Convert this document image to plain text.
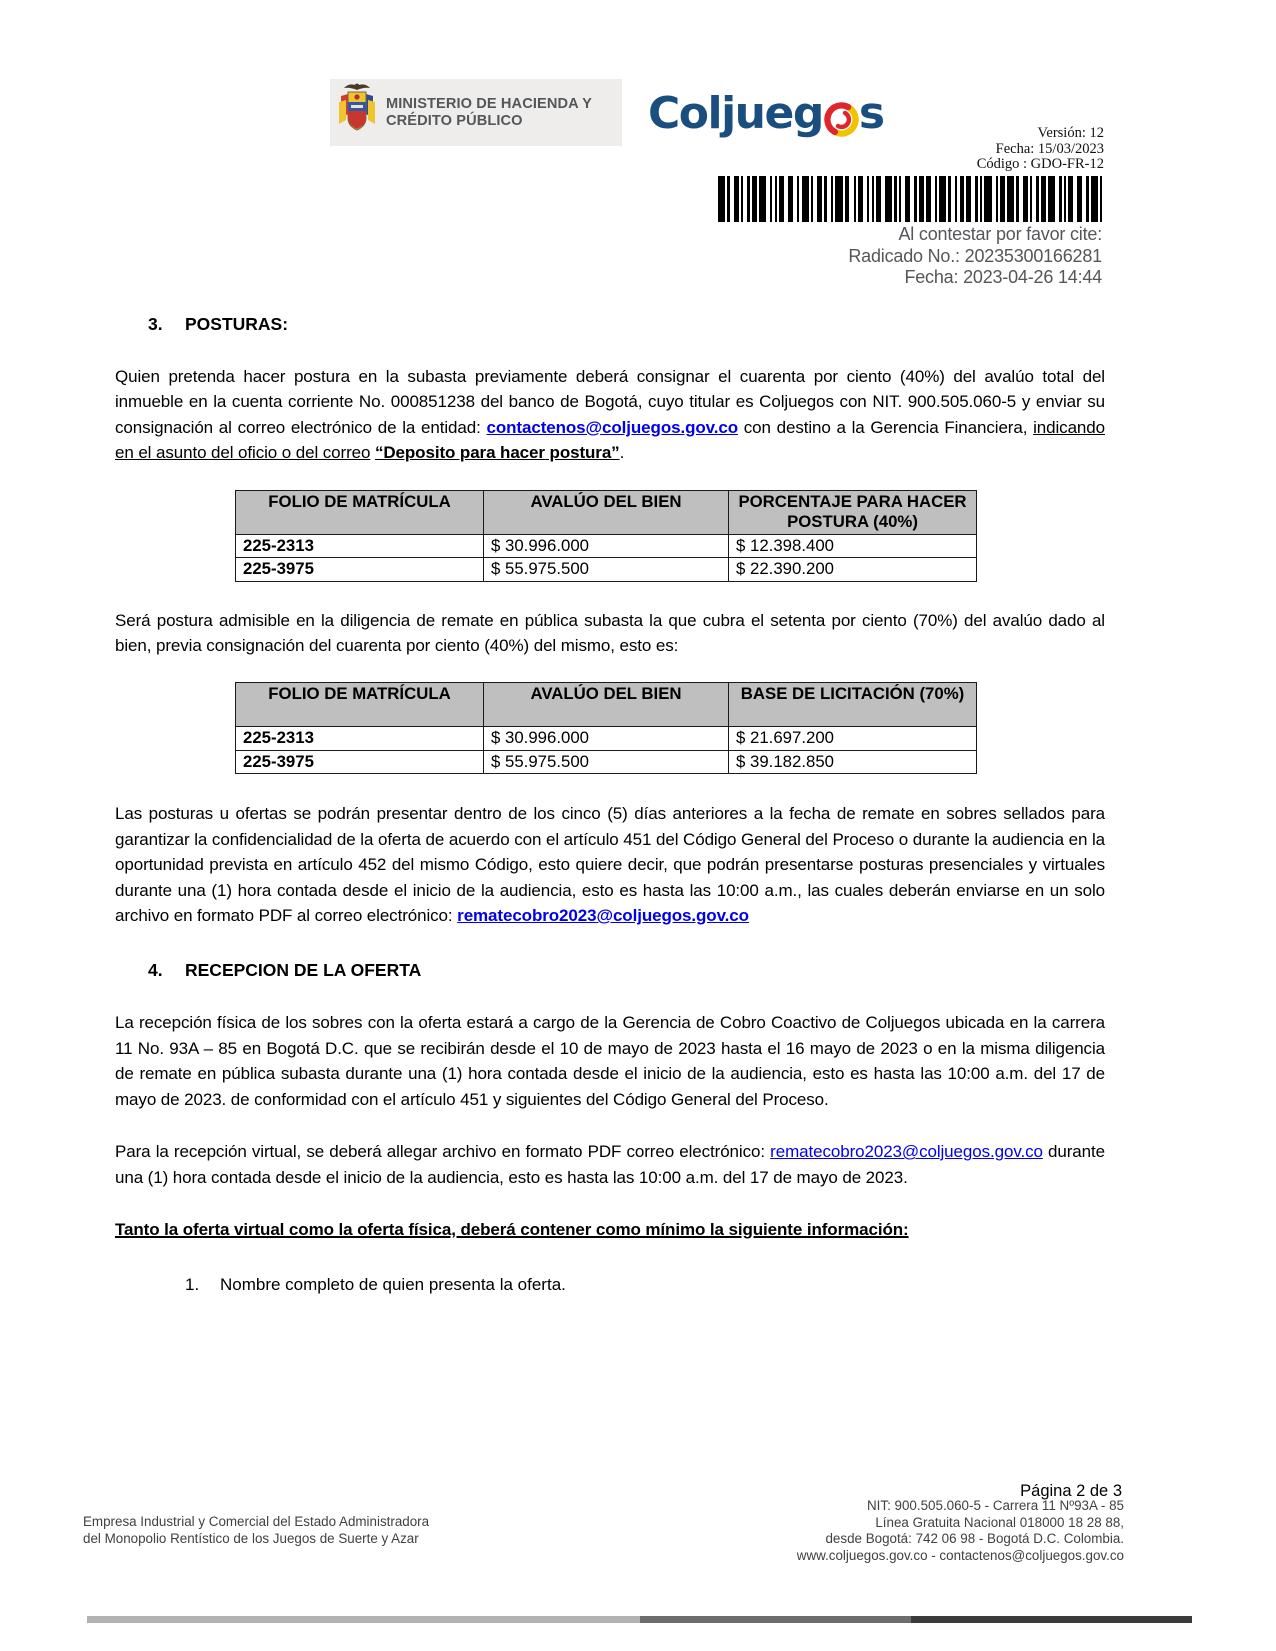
MINISTERIO DE HACIENDA Y
CRÉDITO PÚBLICO	Coljueg s	Versión: 12
Fecha: 15/03/2023
Código : GDO-FR-12
Al contestar por favor cite:
Radicado No.: 20235300166281
Fecha: 2023-04-26 14:44
3. POSTURAS:

Quien pretenda hacer postura en la subasta previamente deberá consignar el cuarenta por ciento (40%) del avalúo total del inmueble en la cuenta corriente No. 000851238 del banco de Bogotá, cuyo titular es Coljuegos con NIT. 900.505.060-5 y enviar su consignación al correo electrónico de la entidad: contactenos@coljuegos.gov.co con destino a la Gerencia Financiera, indicando en el asunto del oficio o del correo “Deposito para hacer postura”.

FOLIO DE MATRÍCULA	AVALÚO DEL BIEN	PORCENTAJE PARA HACER POSTURA (40%)
225-2313	$ 30.996.000	$ 12.398.400
225-3975	$ 55.975.500	$ 22.390.200

Será postura admisible en la diligencia de remate en pública subasta la que cubra el setenta por ciento (70%) del avalúo dado al bien, previa consignación del cuarenta por ciento (40%) del mismo, esto es:

FOLIO DE MATRÍCULA	AVALÚO DEL BIEN	BASE DE LICITACIÓN (70%)
225-2313	$ 30.996.000	$ 21.697.200
225-3975	$ 55.975.500	$ 39.182.850

Las posturas u ofertas se podrán presentar dentro de los cinco (5) días anteriores a la fecha de remate en sobres sellados para garantizar la confidencialidad de la oferta de acuerdo con el artículo 451 del Código General del Proceso o durante la audiencia en la oportunidad prevista en artículo 452 del mismo Código, esto quiere decir, que podrán presentarse posturas presenciales y virtuales durante una (1) hora contada desde el inicio de la audiencia, esto es hasta las 10:00 a.m., las cuales deberán enviarse en un solo archivo en formato PDF al correo electrónico: rematecobro2023@coljuegos.gov.co

4. RECEPCION DE LA OFERTA

La recepción física de los sobres con la oferta estará a cargo de la Gerencia de Cobro Coactivo de Coljuegos ubicada en la carrera 11 No. 93A – 85 en Bogotá D.C. que se recibirán desde el 10 de mayo de 2023 hasta el 16 mayo de 2023 o en la misma diligencia de remate en pública subasta durante una (1) hora contada desde el inicio de la audiencia, esto es hasta las 10:00 a.m. del 17 de mayo de 2023. de conformidad con el artículo 451 y siguientes del Código General del Proceso.

Para la recepción virtual, se deberá allegar archivo en formato PDF correo electrónico: rematecobro2023@coljuegos.gov.co durante una (1) hora contada desde el inicio de la audiencia, esto es hasta las 10:00 a.m. del 17 de mayo de 2023.

Tanto la oferta virtual como la oferta física, deberá contener como mínimo la siguiente información:

1. Nombre completo de quien presenta la oferta.
Página 2 de 3
Empresa Industrial y Comercial del Estado Administradora
del Monopolio Rentístico de los Juegos de Suerte y Azar
NIT: 900.505.060-5 - Carrera 11 Nº93A - 85
Línea Gratuita Nacional 018000 18 28 88,
desde Bogotá: 742 06 98 - Bogotá D.C. Colombia.
www.coljuegos.gov.co - contactenos@coljuegos.gov.co
